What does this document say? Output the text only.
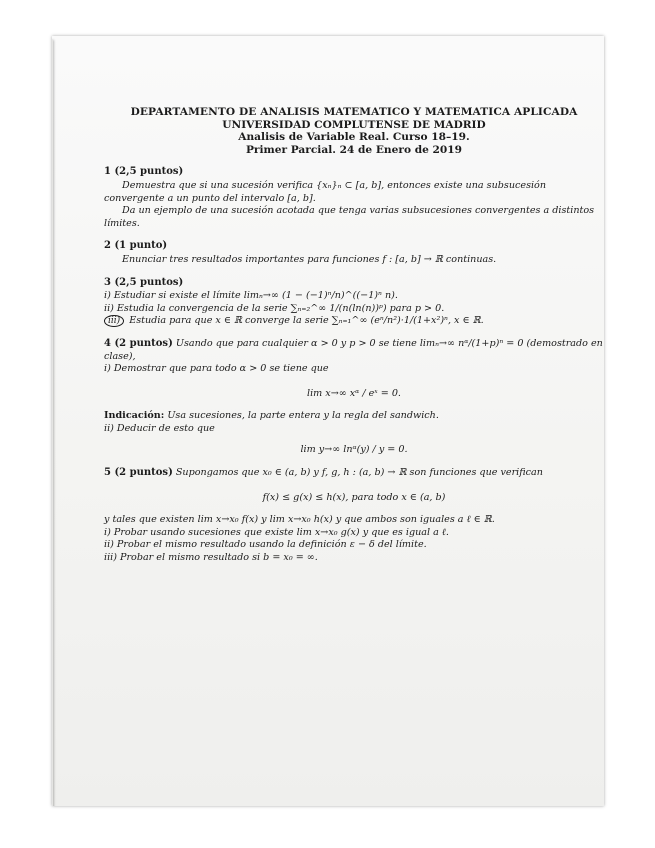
DEPARTAMENTO DE ANALISIS MATEMATICO Y MATEMATICA APLICADA
UNIVERSIDAD COMPLUTENSE DE MADRID
Analisis de Variable Real. Curso 18–19.
Primer Parcial. 24 de Enero de 2019
1 (2,5 puntos)
Demuestra que si una sucesión verifica {xₙ}ₙ ⊂ [a, b], entonces existe una subsucesión convergente a un punto del intervalo [a, b].
Da un ejemplo de una sucesión acotada que tenga varias subsucesiones convergentes a distintos límites.
2 (1 punto)
Enunciar tres resultados importantes para funciones f : [a, b] → ℝ continuas.
3 (2,5 puntos)
i) Estudiar si existe el límite limₙ→∞ (1 − (−1)ⁿ/n)^((−1)ⁿ n).
ii) Estudia la convergencia de la serie ∑ₙ₌₂^∞ 1/(n(ln(n))ᵖ) para p > 0.
iii) Estudia para que x ∈ ℝ converge la serie ∑ₙ₌₁^∞ (eⁿ/n²)·1/(1+x²)ⁿ, x ∈ ℝ.
4 (2 puntos) Usando que para cualquier α > 0 y p > 0 se tiene limₙ→∞ nᵅ/(1+p)ⁿ = 0 (demostrado en clase),
i) Demostrar que para todo α > 0 se tiene que
lim x→∞ xᵅ / eˣ = 0.
Indicación: Usa sucesiones, la parte entera y la regla del sandwich.
ii) Deducir de esto que
lim y→∞ lnᵅ(y) / y = 0.
5 (2 puntos) Supongamos que x₀ ∈ (a, b) y f, g, h : (a, b) → ℝ son funciones que verifican
f(x) ≤ g(x) ≤ h(x), para todo x ∈ (a, b)
y tales que existen lim x→x₀ f(x) y lim x→x₀ h(x) y que ambos son iguales a ℓ ∈ ℝ.
i) Probar usando sucesiones que existe lim x→x₀ g(x) y que es igual a ℓ.
ii) Probar el mismo resultado usando la definición ε − δ del límite.
iii) Probar el mismo resultado si b = x₀ = ∞.
